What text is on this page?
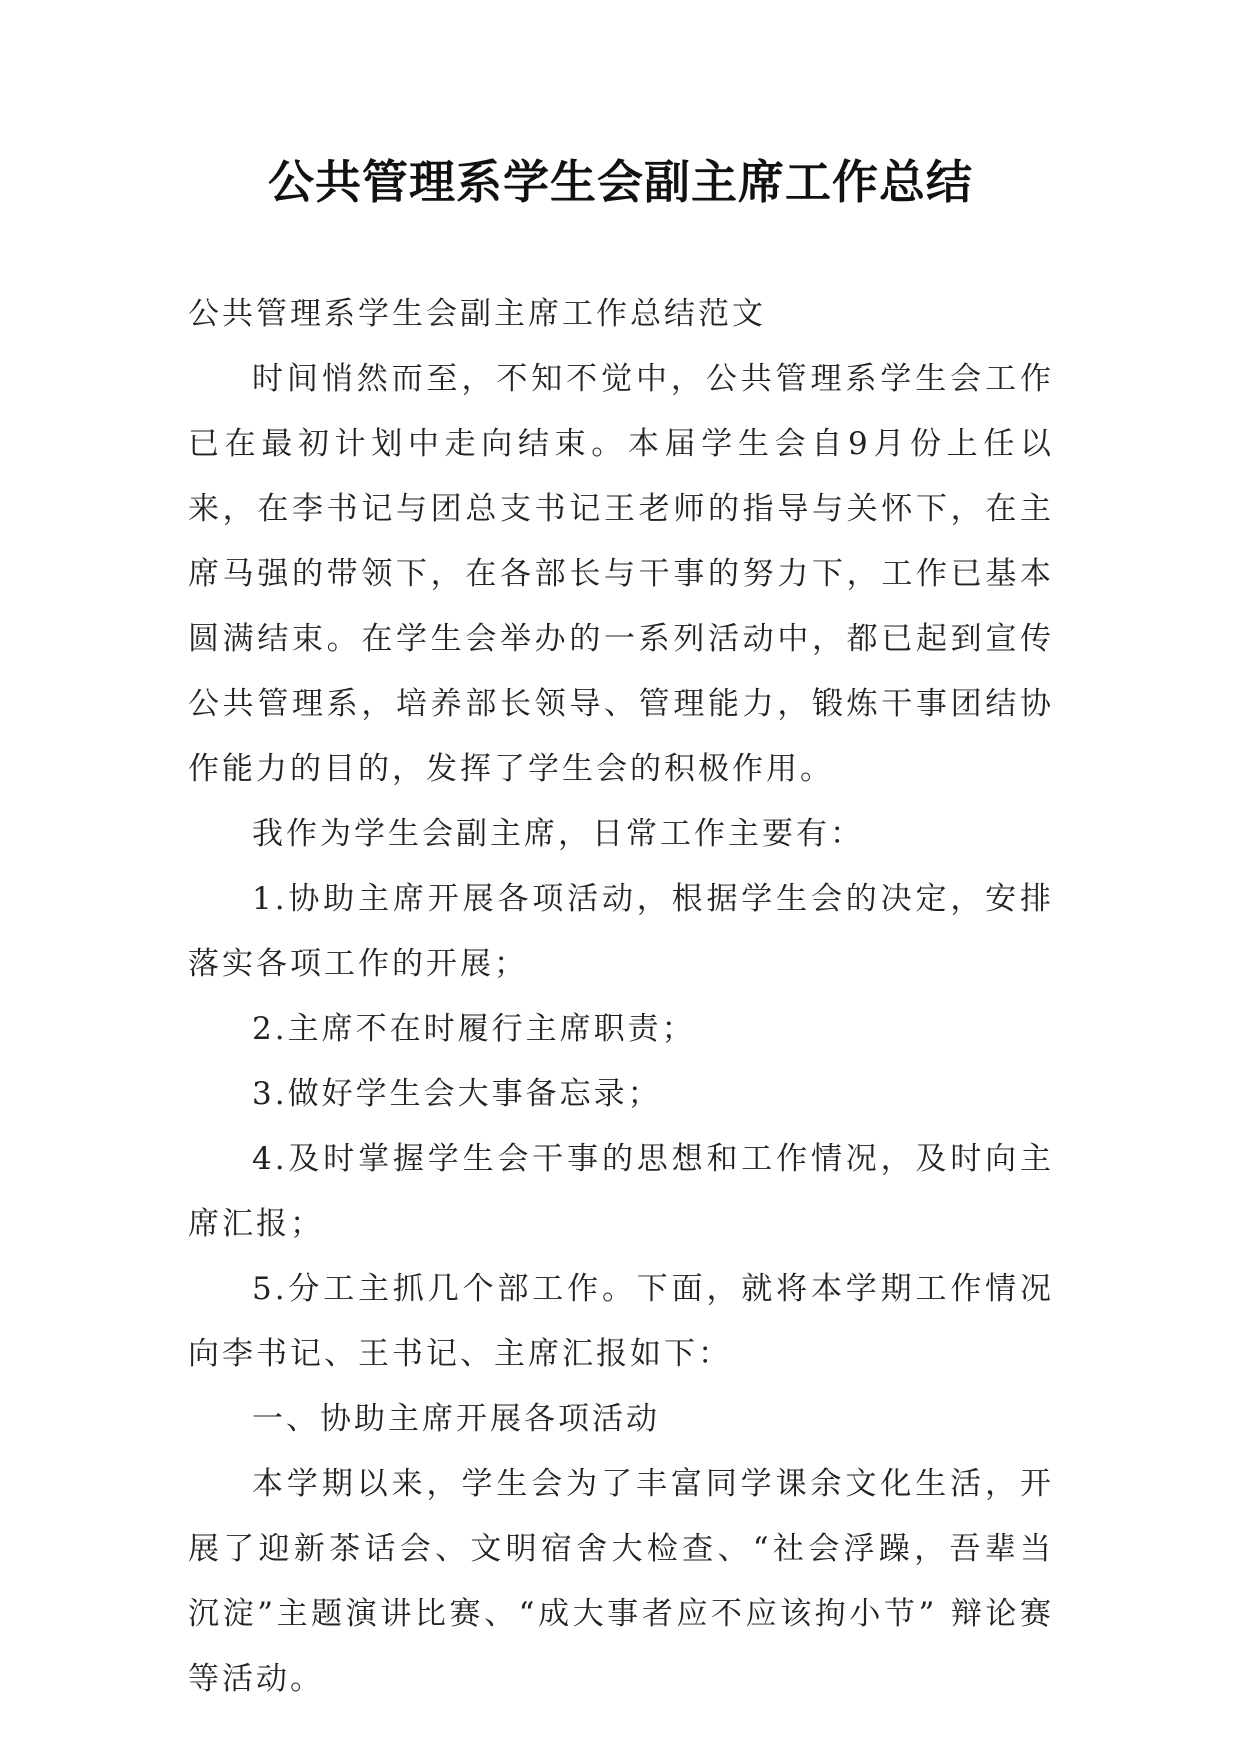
公共管理系学生会副主席工作总结

公共管理系学生会副主席工作总结范文

时间悄然而至，不知不觉中，公共管理系学生会工作已在最初计划中走向结束。本届学生会自9月份上任以来，在李书记与团总支书记王老师的指导与关怀下，在主席马强的带领下，在各部长与干事的努力下，工作已基本圆满结束。在学生会举办的一系列活动中，都已起到宣传公共管理系，培养部长领导、管理能力，锻炼干事团结协作能力的目的，发挥了学生会的积极作用。

我作为学生会副主席，日常工作主要有：

1.协助主席开展各项活动，根据学生会的决定，安排落实各项工作的开展；

2.主席不在时履行主席职责；

3.做好学生会大事备忘录；

4.及时掌握学生会干事的思想和工作情况，及时向主席汇报；

5.分工主抓几个部工作。下面，就将本学期工作情况向李书记、王书记、主席汇报如下：

一、协助主席开展各项活动

本学期以来，学生会为了丰富同学课余文化生活，开展了迎新茶话会、文明宿舍大检查、“社会浮躁，吾辈当沉淀”主题演讲比赛、“成大事者应不应该拘小节” 辩论赛等活动。
